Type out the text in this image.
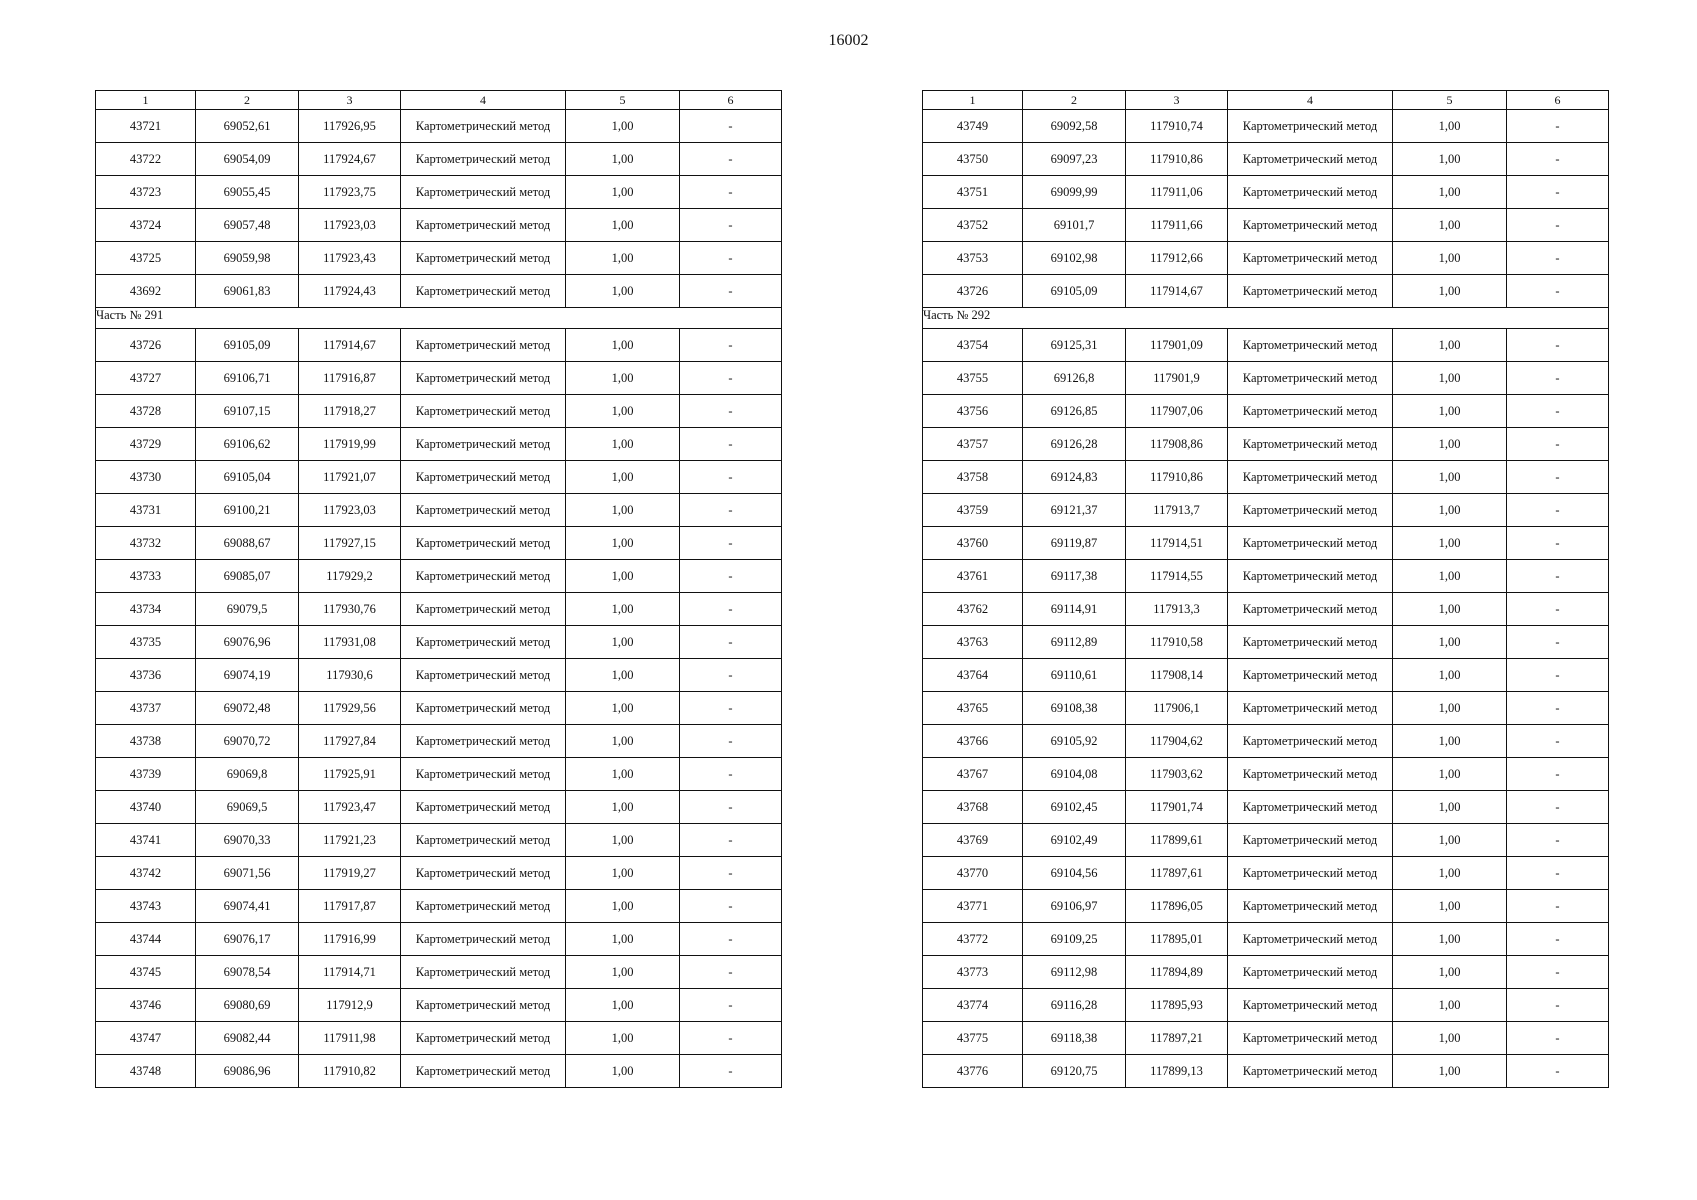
16002
1	2	3	4	5	6
43721	69052,61	117926,95	Картометрический метод	1,00	-
43722	69054,09	117924,67	Картометрический метод	1,00	-
43723	69055,45	117923,75	Картометрический метод	1,00	-
43724	69057,48	117923,03	Картометрический метод	1,00	-
43725	69059,98	117923,43	Картометрический метод	1,00	-
43692	69061,83	117924,43	Картометрический метод	1,00	-
Часть № 291					
43726	69105,09	117914,67	Картометрический метод	1,00	-
43727	69106,71	117916,87	Картометрический метод	1,00	-
43728	69107,15	117918,27	Картометрический метод	1,00	-
43729	69106,62	117919,99	Картометрический метод	1,00	-
43730	69105,04	117921,07	Картометрический метод	1,00	-
43731	69100,21	117923,03	Картометрический метод	1,00	-
43732	69088,67	117927,15	Картометрический метод	1,00	-
43733	69085,07	117929,2	Картометрический метод	1,00	-
43734	69079,5	117930,76	Картометрический метод	1,00	-
43735	69076,96	117931,08	Картометрический метод	1,00	-
43736	69074,19	117930,6	Картометрический метод	1,00	-
43737	69072,48	117929,56	Картометрический метод	1,00	-
43738	69070,72	117927,84	Картометрический метод	1,00	-
43739	69069,8	117925,91	Картометрический метод	1,00	-
43740	69069,5	117923,47	Картометрический метод	1,00	-
43741	69070,33	117921,23	Картометрический метод	1,00	-
43742	69071,56	117919,27	Картометрический метод	1,00	-
43743	69074,41	117917,87	Картометрический метод	1,00	-
43744	69076,17	117916,99	Картометрический метод	1,00	-
43745	69078,54	117914,71	Картометрический метод	1,00	-
43746	69080,69	117912,9	Картометрический метод	1,00	-
43747	69082,44	117911,98	Картометрический метод	1,00	-
43748	69086,96	117910,82	Картометрический метод	1,00	-
1	2	3	4	5	6
43749	69092,58	117910,74	Картометрический метод	1,00	-
43750	69097,23	117910,86	Картометрический метод	1,00	-
43751	69099,99	117911,06	Картометрический метод	1,00	-
43752	69101,7	117911,66	Картометрический метод	1,00	-
43753	69102,98	117912,66	Картометрический метод	1,00	-
43726	69105,09	117914,67	Картометрический метод	1,00	-
Часть № 292					
43754	69125,31	117901,09	Картометрический метод	1,00	-
43755	69126,8	117901,9	Картометрический метод	1,00	-
43756	69126,85	117907,06	Картометрический метод	1,00	-
43757	69126,28	117908,86	Картометрический метод	1,00	-
43758	69124,83	117910,86	Картометрический метод	1,00	-
43759	69121,37	117913,7	Картометрический метод	1,00	-
43760	69119,87	117914,51	Картометрический метод	1,00	-
43761	69117,38	117914,55	Картометрический метод	1,00	-
43762	69114,91	117913,3	Картометрический метод	1,00	-
43763	69112,89	117910,58	Картометрический метод	1,00	-
43764	69110,61	117908,14	Картометрический метод	1,00	-
43765	69108,38	117906,1	Картометрический метод	1,00	-
43766	69105,92	117904,62	Картометрический метод	1,00	-
43767	69104,08	117903,62	Картометрический метод	1,00	-
43768	69102,45	117901,74	Картометрический метод	1,00	-
43769	69102,49	117899,61	Картометрический метод	1,00	-
43770	69104,56	117897,61	Картометрический метод	1,00	-
43771	69106,97	117896,05	Картометрический метод	1,00	-
43772	69109,25	117895,01	Картометрический метод	1,00	-
43773	69112,98	117894,89	Картометрический метод	1,00	-
43774	69116,28	117895,93	Картометрический метод	1,00	-
43775	69118,38	117897,21	Картометрический метод	1,00	-
43776	69120,75	117899,13	Картометрический метод	1,00	-
